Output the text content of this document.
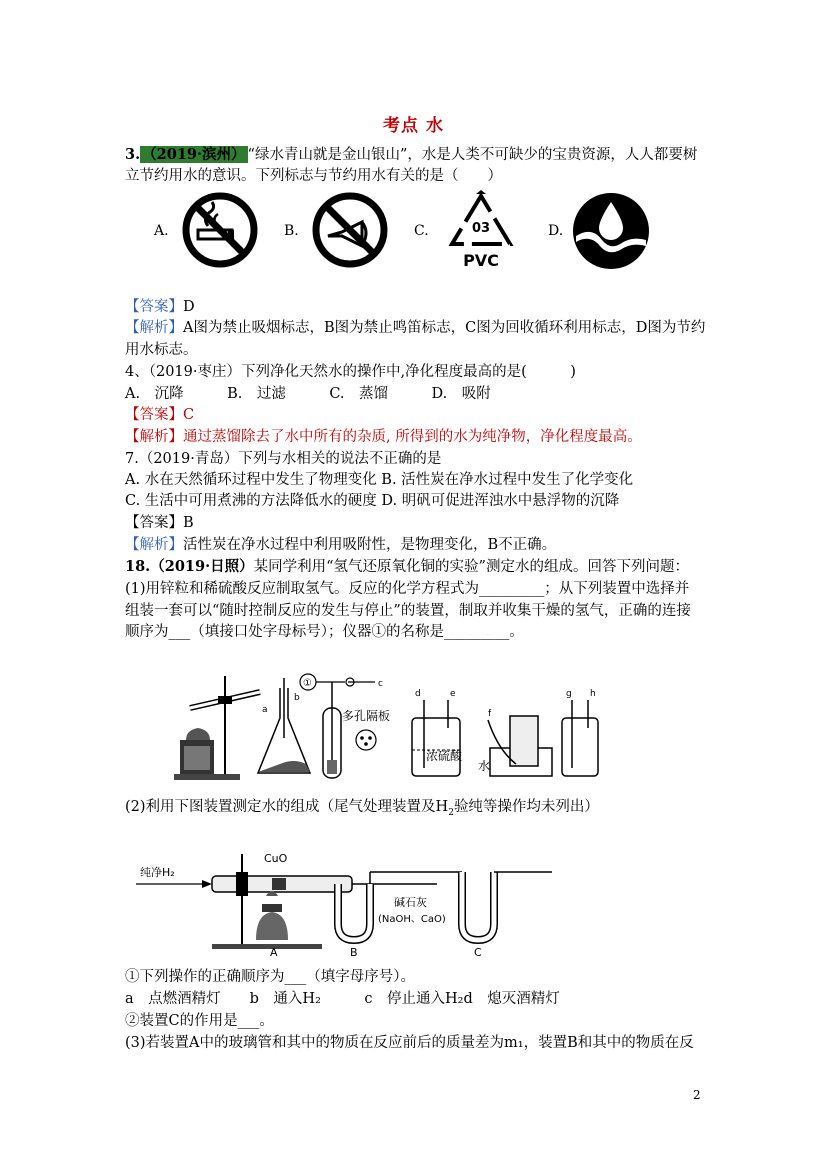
考点 水
3. （2019·滨州） “绿水青山就是金山银山”，水是人类不可缺少的宝贵资源，人人都要树
立节约用水的意识。下列标志与节约用水有关的是（　　）
A.	B.	C.	03
PVC
D.
【答案】D
【解析】A图为禁止吸烟标志，B图为禁止鸣笛标志，C图为回收循环利用标志，D图为节约
用水标志。
4、（2019·枣庄）下列净化天然水的操作中,净化程度最高的是(　　　)
A.　沉降　　　B.　过滤　　　C.　蒸馏　　　D.　吸附
【答案】C
【解析】通过蒸馏除去了水中所有的杂质, 所得到的水为纯净物，净化程度最高。
7.（2019·青岛）下列与水相关的说法不正确的是
A. 水在天然循环过程中发生了物理变化 B. 活性炭在净水过程中发生了化学变化
C. 生活中可用煮沸的方法降低水的硬度 D. 明矾可促进浑浊水中悬浮物的沉降
【答案】B
【解析】活性炭在净水过程中利用吸附性，是物理变化，B不正确。
18.（2019·日照）某同学利用“氢气还原氧化铜的实验”测定水的组成。回答下列问题：
(1)用锌粒和稀硫酸反应制取氢气。反应的化学方程式为_________；从下列装置中选择并
组装一套可以“随时控制反应的发生与停止”的装置，制取并收集干燥的氢气，正确的连接
顺序为___（填接口处字母标号）；仪器①的名称是_________。
a
b
①	c
多孔隔板
d	e
浓硫酸
f
水
g h
(2)利用下图装置测定水的组成（尾气处理装置及$H_2$验纯等操作均未列出）
纯净H₂
CuO
A	B
碱石灰
(NaOH、CaO)
C
①下列操作的正确顺序为___（填字母序号）。
a　点燃酒精灯　　b　通入H₂　　　c　停止通入H₂d　熄灭酒精灯
②装置C的作用是___。
(3)若装置A中的玻璃管和其中的物质在反应前后的质量差为m₁，装置B和其中的物质在反
2
